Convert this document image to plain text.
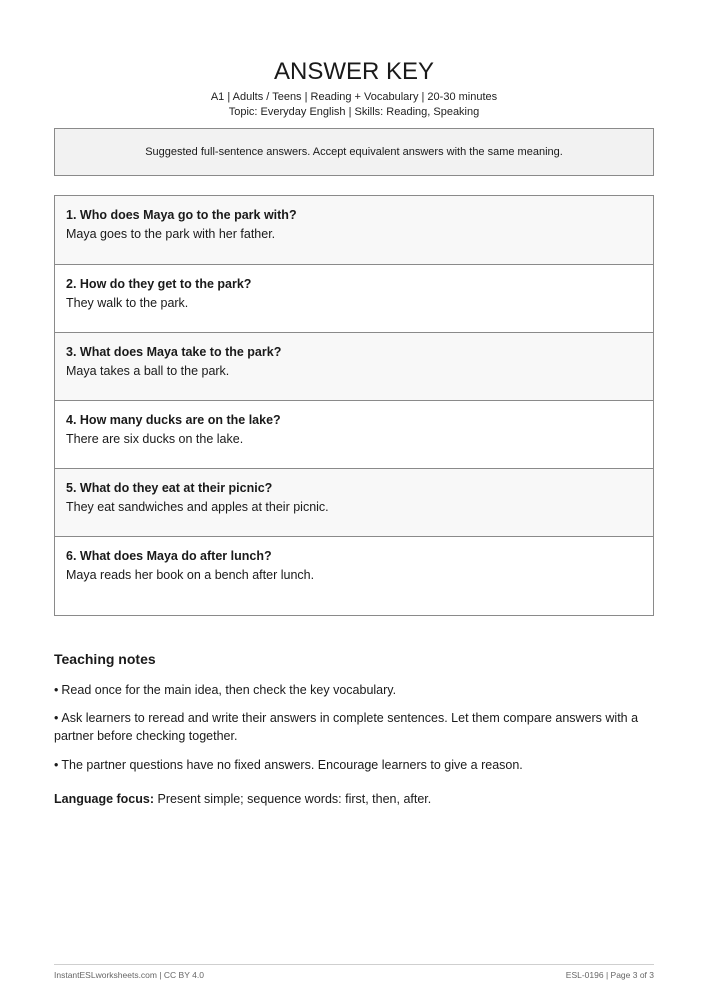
ANSWER KEY
A1 | Adults / Teens | Reading + Vocabulary | 20-30 minutes
Topic: Everyday English | Skills: Reading, Speaking
Suggested full-sentence answers. Accept equivalent answers with the same meaning.
1 . Who does Maya go to the park with?
Maya goes to the park with her father.
2 . How do they get to the park?
They walk to the park.
3 . What does Maya take to the park?
Maya takes a ball to the park.
4 . How many ducks are on the lake?
There are six ducks on the lake.
5 . What do they eat at their picnic?
They eat sandwiches and apples at their picnic.
6 . What does Maya do after lunch?
Maya reads her book on a bench after lunch.
Teaching notes
• Read once for the main idea, then check the key vocabulary.
• Ask learners to reread and write their answers in complete sentences. Let them compare answers with a partner before checking together.
• The partner questions have no fixed answers. Encourage learners to give a reason.
Language focus: Present simple; sequence words: first, then, after.
InstantESLworksheets.com | CC BY 4.0	ESL-0196 | Page 3 of 3
